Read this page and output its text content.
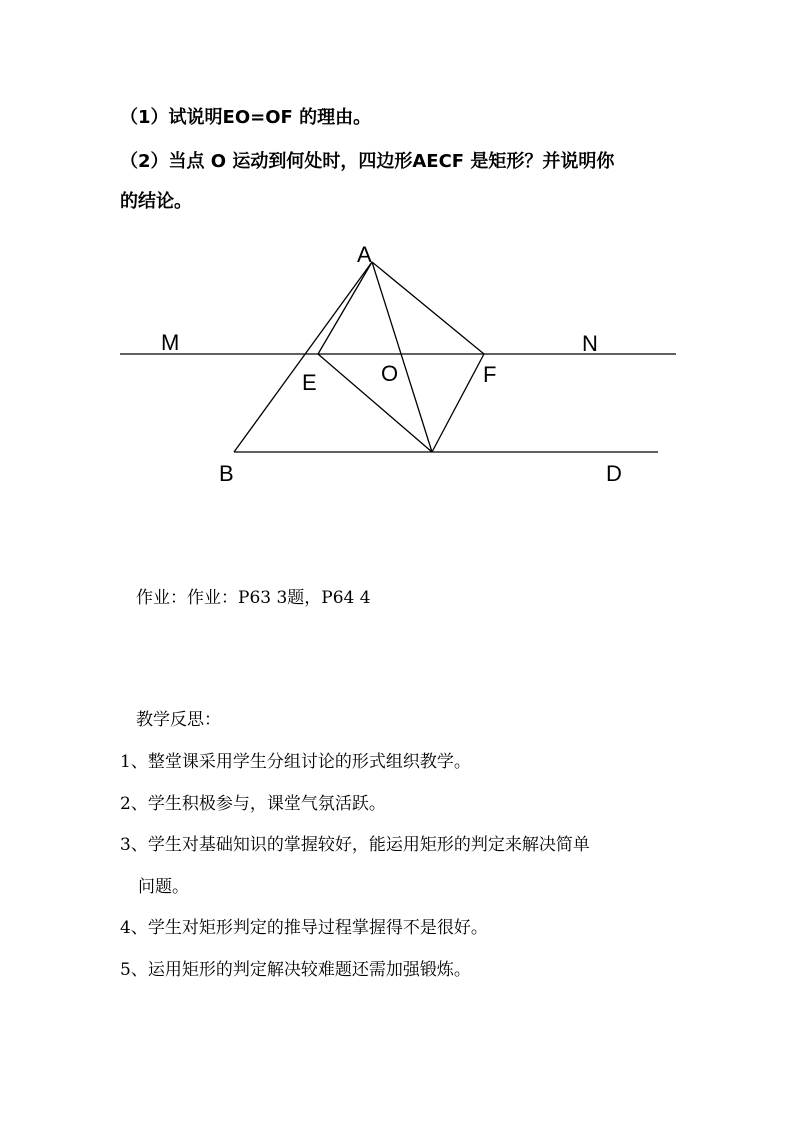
（1）试说明EO=OF 的理由。
（2）当点 O 运动到何处时，四边形AECF 是矩形？并说明你
的结论。
A
M	N
E	O	F
B	D
作业：作业：P63 3题，P64 4
教学反思：
1、整堂课采用学生分组讨论的形式组织教学。
2、学生积极参与，课堂气氛活跃。
3、学生对基础知识的掌握较好，能运用矩形的判定来解决简单
问题。
4、学生对矩形判定的推导过程掌握得不是很好。
5、运用矩形的判定解决较难题还需加强锻炼。
